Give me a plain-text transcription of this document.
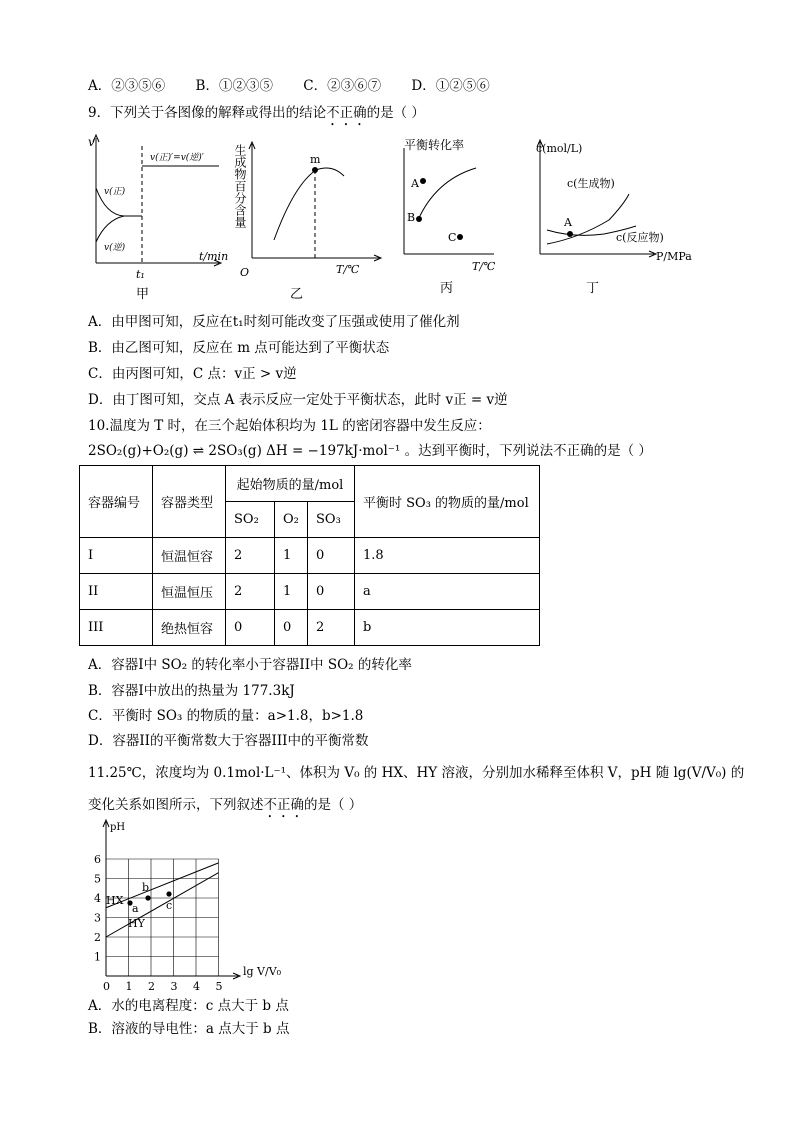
A．②③⑤⑥ B．①②③⑤ C．②③⑥⑦ D．①②⑤⑥
9．下列关于各图像的解释或得出的结论不正确的是（ ）
v
t/min
v(正)
v(逆)
v(正)′=v(逆)′
t₁
甲
生成物百分含量
O	T/℃
m
乙
平衡转化率
T/℃
A
B
C
丙
c(mol/L)
P/MPa
A
c(生成物)
c(反应物)
丁
A．由甲图可知，反应在t₁时刻可能改变了压强或使用了催化剂
B．由乙图可知，反应在 m 点可能达到了平衡状态
C．由丙图可知，C 点：v正 > v逆
D．由丁图可知，交点 A 表示反应一定处于平衡状态，此时 v正 = v逆
10.温度为 T 时，在三个起始体积均为 1L 的密闭容器中发生反应：
2SO₂(g)+O₂(g) ⇌ 2SO₃(g) ΔH = −197kJ·mol⁻¹ 。达到平衡时，下列说法不正确的是（ ）
容器编号	容器类型	起始物质的量/mol			平衡时 SO₃ 的物质的量/mol
		SO₂	O₂	SO₃	
I	恒温恒容	2	1	0	1.8
II	恒温恒压	2	1	0	a
III	绝热恒容	0	0	2	b
A．容器I中 SO₂ 的转化率小于容器II中 SO₂ 的转化率
B．容器I中放出的热量为 177.3kJ
C．平衡时 SO₃ 的物质的量：a>1.8，b>1.8
D．容器II的平衡常数大于容器III中的平衡常数
11.25℃，浓度均为 0.1mol·L⁻¹、体积为 V₀ 的 HX、HY 溶液，分别加水稀释至体积 V，pH 随 lg(V/V₀) 的
变化关系如图所示，下列叙述不正确的是（ ）
pH
lg V/V₀
1
2
3
4
5
6
0 1 2 3 4 5
HX
HY
a
b
c
A．水的电离程度：c 点大于 b 点
B．溶液的导电性：a 点大于 b 点
